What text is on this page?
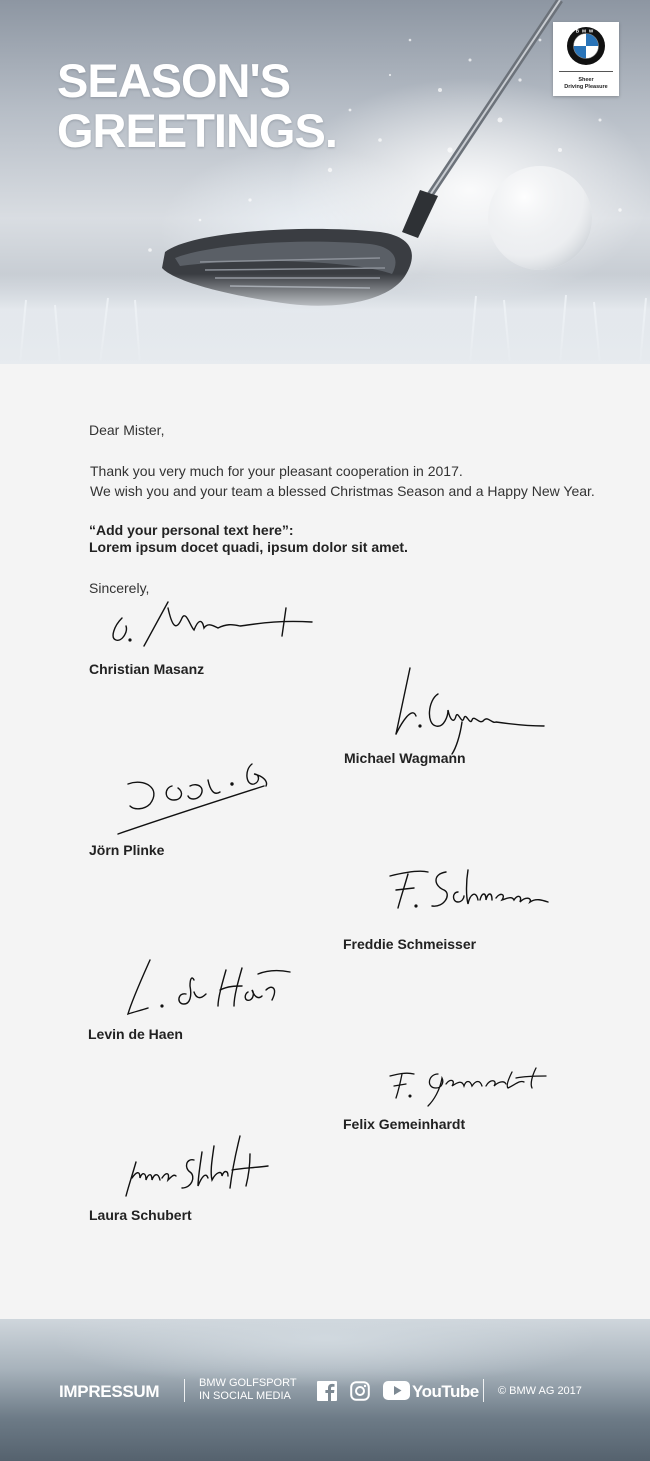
SEASON'S
GREETINGS.
BMW
Sheer
Driving Pleasure
Dear Mister,
Thank you very much for your pleasant cooperation in 2017.
We wish you and your team a blessed Christmas Season and a Happy New Year.
“Add your personal text here”:
Lorem ipsum docet quadi, ipsum dolor sit amet.
Sincerely,
Christian Masanz
Michael Wagmann
Jörn Plinke
Freddie Schmeisser
Levin de Haen
Felix Gemeinhardt
Laura Schubert
IMPRESSUM	BMW GOLFSPORT
IN SOCIAL MEDIA	YouTube © BMW AG 2017
